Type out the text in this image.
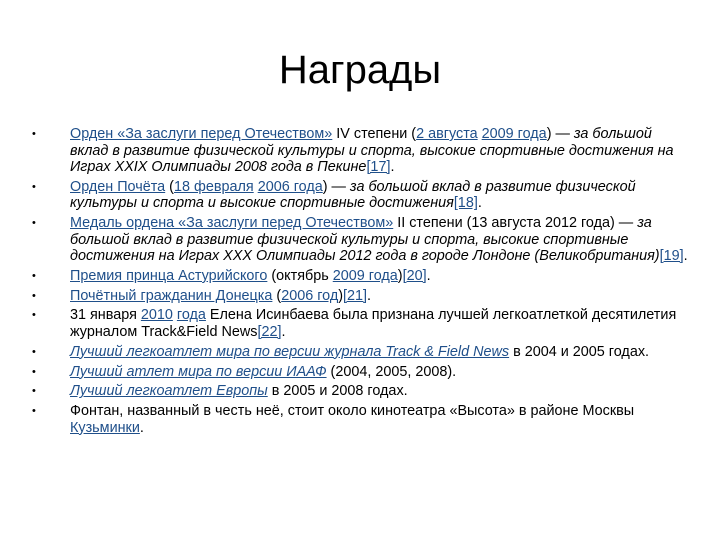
Награды
• Орден «За заслуги перед Отечеством» IV степени (2 августа 2009 года) — за большой вклад в развитие физической культуры и спорта, высокие спортивные достижения на Играх XXIX Олимпиады 2008 года в Пекине[17].
• Орден Почёта (18 февраля 2006 года) — за большой вклад в развитие физической культуры и спорта и высокие спортивные достижения[18].
• Медаль ордена «За заслуги перед Отечеством» II степени (13 августа 2012 года) — за большой вклад в развитие физической культуры и спорта, высокие спортивные достижения на Играх XXX Олимпиады 2012 года в городе Лондоне (Великобритания)[19].
• Премия принца Астурийского (октябрь 2009 года)[20].
• Почётный гражданин Донецка (2006 год)[21].
• 31 января 2010 года Елена Исинбаева была признана лучшей легкоатлеткой десятилетия журналом Track&Field News[22].
• Лучший легкоатлет мира по версии журнала Track & Field News в 2004 и 2005 годах.
• Лучший атлет мира по версии ИААФ (2004, 2005, 2008).
• Лучший легкоатлет Европы в 2005 и 2008 годах.
• Фонтан, названный в честь неё, стоит около кинотеатра «Высота» в районе Москвы Кузьминки.
